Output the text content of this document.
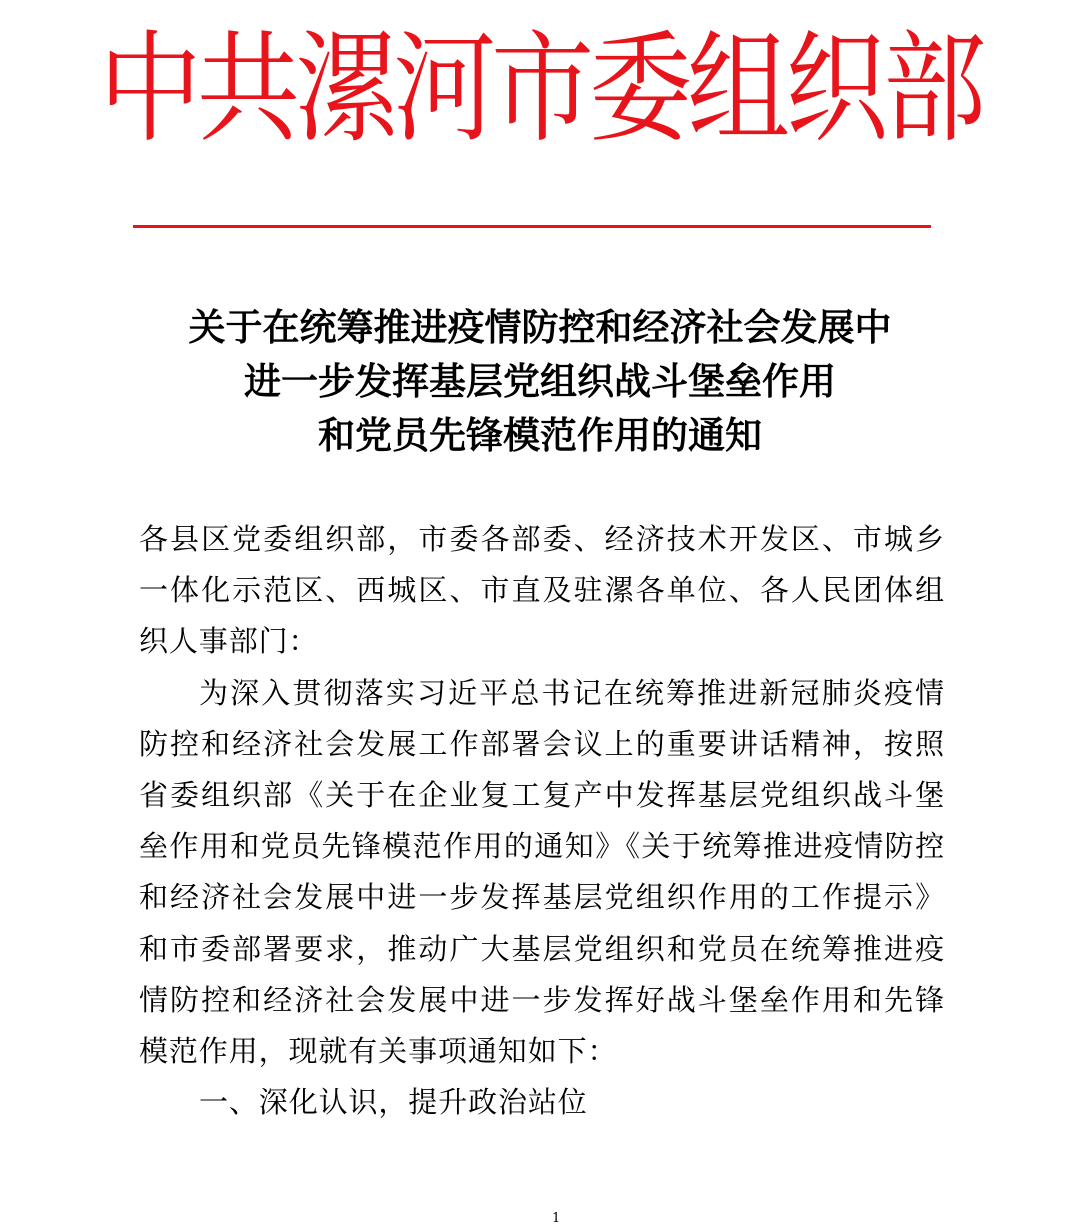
中共漯河市委组织部
关于在统筹推进疫情防控和经济社会发展中
进一步发挥基层党组织战斗堡垒作用
和党员先锋模范作用的通知

各县区党委组织部，市委各部委、经济技术开发区、市城乡一体化示范区、西城区、市直及驻漯各单位、各人民团体组织人事部门：

为深入贯彻落实习近平总书记在统筹推进新冠肺炎疫情防控和经济社会发展工作部署会议上的重要讲话精神，按照省委组织部《关于在企业复工复产中发挥基层党组织战斗堡垒作用和党员先锋模范作用的通知》《关于统筹推进疫情防控和经济社会发展中进一步发挥基层党组织作用的工作提示》和市委部署要求，推动广大基层党组织和党员在统筹推进疫情防控和经济社会发展中进一步发挥好战斗堡垒作用和先锋模范作用，现就有关事项通知如下：

一、深化认识，提升政治站位

1
